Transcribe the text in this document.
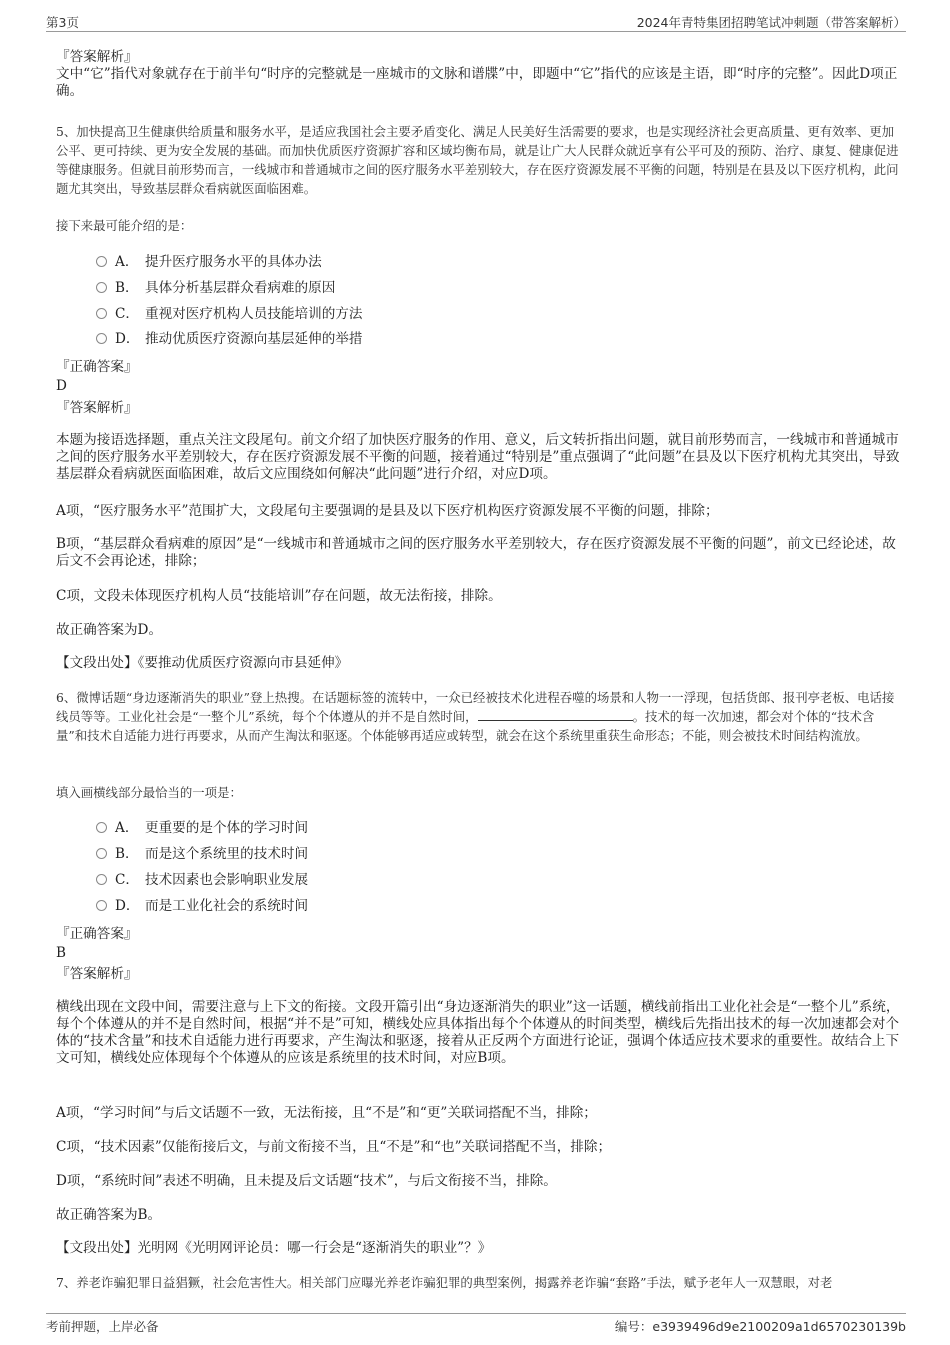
第3页	2024年青特集团招聘笔试冲刺题（带答案解析）
『答案解析』
文中“它”指代对象就存在于前半句“时序的完整就是一座城市的文脉和谱牒”中，即题中“它”指代的应该是主语，即“时序的完整”。因此D项正确。
5、加快提高卫生健康供给质量和服务水平，是适应我国社会主要矛盾变化、满足人民美好生活需要的要求，也是实现经济社会更高质量、更有效率、更加公平、更可持续、更为安全发展的基础。而加快优质医疗资源扩容和区域均衡布局，就是让广大人民群众就近享有公平可及的预防、治疗、康复、健康促进等健康服务。但就目前形势而言，一线城市和普通城市之间的医疗服务水平差别较大，存在医疗资源发展不平衡的问题，特别是在县及以下医疗机构，此问题尤其突出，导致基层群众看病就医面临困难。
接下来最可能介绍的是：
A． 提升医疗服务水平的具体办法
B． 具体分析基层群众看病难的原因
C． 重视对医疗机构人员技能培训的方法
D． 推动优质医疗资源向基层延伸的举措
『正确答案』
D
『答案解析』
本题为接语选择题，重点关注文段尾句。前文介绍了加快医疗服务的作用、意义，后文转折指出问题，就目前形势而言，一线城市和普通城市之间的医疗服务水平差别较大，存在医疗资源发展不平衡的问题，接着通过“特别是”重点强调了“此问题”在县及以下医疗机构尤其突出，导致基层群众看病就医面临困难，故后文应围绕如何解决“此问题”进行介绍，对应D项。
A项，“医疗服务水平”范围扩大，文段尾句主要强调的是县及以下医疗机构医疗资源发展不平衡的问题，排除；
B项，“基层群众看病难的原因”是“一线城市和普通城市之间的医疗服务水平差别较大，存在医疗资源发展不平衡的问题”，前文已经论述，故后文不会再论述，排除；
C项，文段未体现医疗机构人员“技能培训”存在问题，故无法衔接，排除。
故正确答案为D。
【文段出处】《要推动优质医疗资源向市县延伸》
6、微博话题“身边逐渐消失的职业”登上热搜。在话题标签的流转中，一众已经被技术化进程吞噬的场景和人物一一浮现，包括货郎、报刊亭老板、电话接线员等等。工业化社会是“一整个儿”系统，每个个体遵从的并不是自然时间，	。技术的每一次加速，都会对个体的“技术含量”和技术自适能力进行再要求，从而产生淘汰和驱逐。个体能够再适应或转型，就会在这个系统里重获生命形态；不能，则会被技术时间结构流放。
填入画横线部分最恰当的一项是：
A． 更重要的是个体的学习时间
B． 而是这个系统里的技术时间
C． 技术因素也会影响职业发展
D． 而是工业化社会的系统时间
『正确答案』
B
『答案解析』
横线出现在文段中间，需要注意与上下文的衔接。文段开篇引出“身边逐渐消失的职业”这一话题，横线前指出工业化社会是“一整个儿”系统，每个个体遵从的并不是自然时间，根据“并不是”可知，横线处应具体指出每个个体遵从的时间类型，横线后先指出技术的每一次加速都会对个体的“技术含量”和技术自适能力进行再要求，产生淘汰和驱逐，接着从正反两个方面进行论证，强调个体适应技术要求的重要性。故结合上下文可知，横线处应体现每个个体遵从的应该是系统里的技术时间，对应B项。
A项，“学习时间”与后文话题不一致，无法衔接，且“不是”和“更”关联词搭配不当，排除；
C项，“技术因素”仅能衔接后文，与前文衔接不当，且“不是”和“也”关联词搭配不当，排除；
D项，“系统时间”表述不明确，且未提及后文话题“技术”，与后文衔接不当，排除。
故正确答案为B。
【文段出处】光明网《光明网评论员：哪一行会是“逐渐消失的职业”？》
7、养老诈骗犯罪日益猖獗，社会危害性大。相关部门应曝光养老诈骗犯罪的典型案例，揭露养老诈骗“套路”手法，赋予老年人一双慧眼，对老
考前押题，上岸必备	编号：e3939496d9e2100209a1d6570230139b
